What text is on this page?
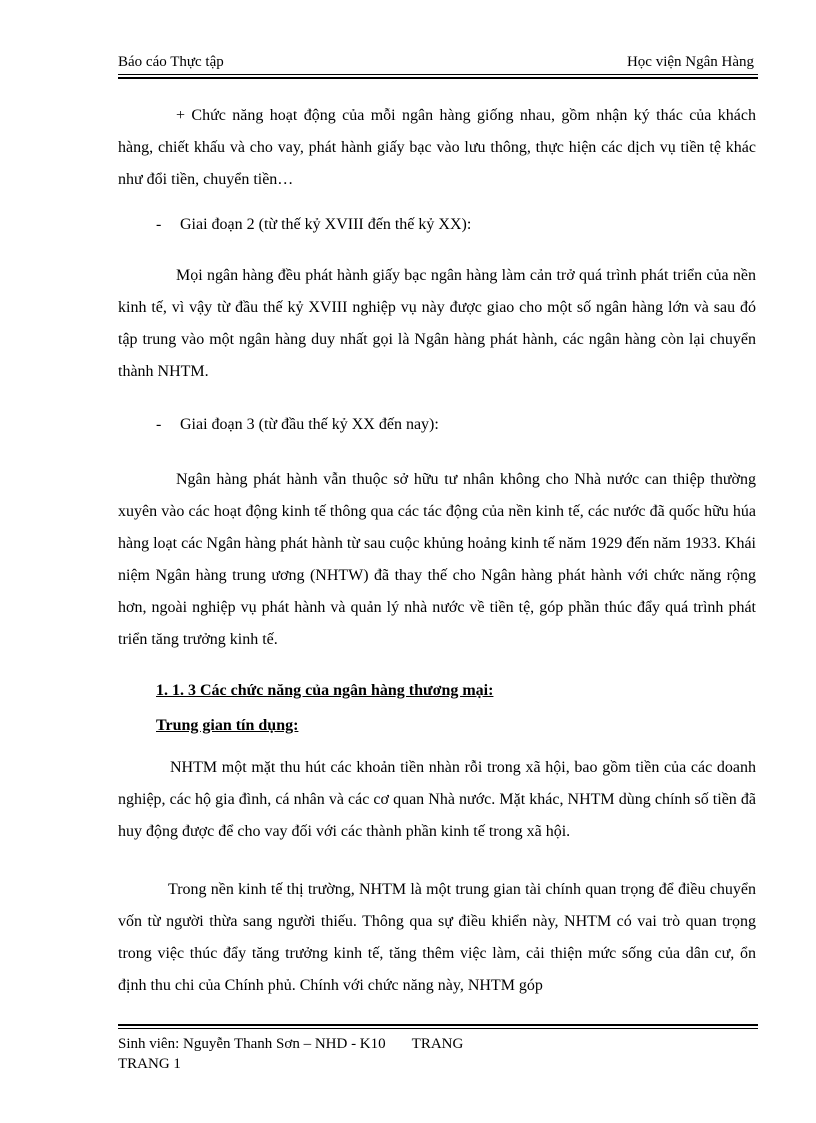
Báo cáo Thực tập	Học viện Ngân Hàng
+ Chức năng hoạt động của mỗi ngân hàng giống nhau, gồm nhận ký thác của khách hàng, chiết khấu và cho vay, phát hành giấy bạc vào lưu thông, thực hiện các dịch vụ tiền tệ khác như đổi tiền, chuyển tiền…
- Giai đoạn 2 (từ thế kỷ XVIII đến thế kỷ XX):
Mọi ngân hàng đều phát hành giấy bạc ngân hàng làm cản trở quá trình phát triển của nền kinh tế, vì vậy từ đầu thế kỷ XVIII nghiệp vụ này được giao cho một số ngân hàng lớn và sau đó tập trung vào một ngân hàng duy nhất gọi là Ngân hàng phát hành, các ngân hàng còn lại chuyển thành NHTM.
- Giai đoạn 3 (từ đầu thế kỷ XX đến nay):
Ngân hàng phát hành vẫn thuộc sở hữu tư nhân không cho Nhà nước can thiệp thường xuyên vào các hoạt động kinh tế thông qua các tác động của nền kinh tế, các nước đã quốc hữu húa hàng loạt các Ngân hàng phát hành từ sau cuộc khủng hoảng kinh tế năm 1929 đến năm 1933. Khái niệm Ngân hàng trung ương (NHTW) đã thay thế cho Ngân hàng phát hành với chức năng rộng hơn, ngoài nghiệp vụ phát hành và quản lý nhà nước về tiền tệ, góp phần thúc đẩy quá trình phát triển tăng trưởng kinh tế.
1. 1. 3 Các chức năng của ngân hàng thương mại:
Trung gian tín dụng:
NHTM một mặt thu hút các khoản tiền nhàn rỗi trong xã hội, bao gồm tiền của các doanh nghiệp, các hộ gia đình, cá nhân và các cơ quan Nhà nước. Mặt khác, NHTM dùng chính số tiền đã huy động được để cho vay đối với các thành phần kinh tế trong xã hội.
Trong nền kinh tế thị trường, NHTM là một trung gian tài chính quan trọng để điều chuyển vốn từ người thừa sang người thiếu. Thông qua sự điều khiển này, NHTM có vai trò quan trọng trong việc thúc đẩy tăng trưởng kinh tế, tăng thêm việc làm, cải thiện mức sống của dân cư, ổn định thu chi của Chính phủ. Chính với chức năng này, NHTM góp
Sinh viên: Nguyễn Thanh Sơn – NHD - K10 TRANG
TRANG 1
